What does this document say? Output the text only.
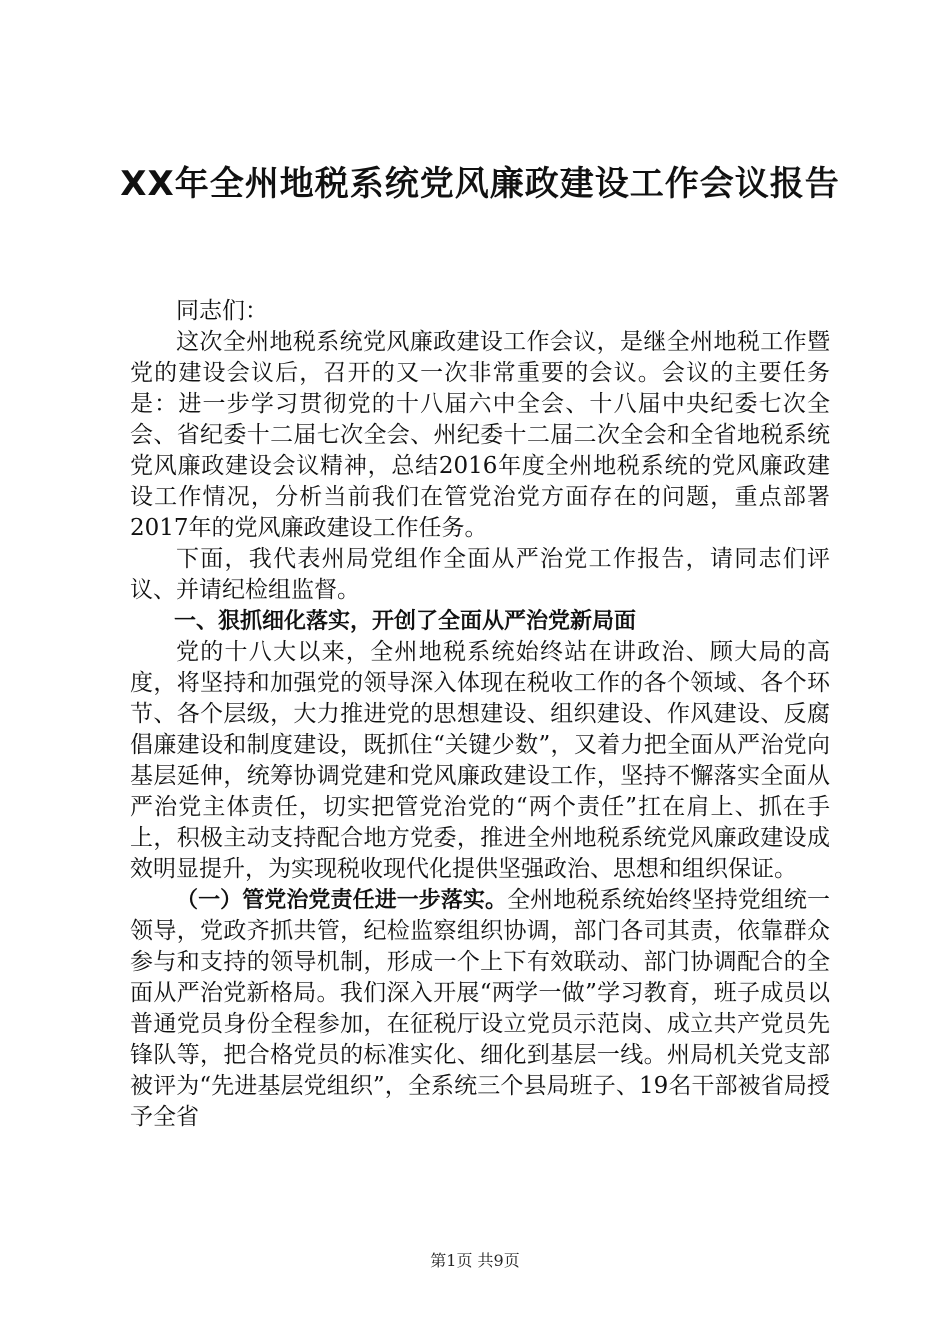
XX年全州地税系统党风廉政建设工作会议报告

同志们：

这次全州地税系统党风廉政建设工作会议，是继全州地税工作暨党的建设会议后，召开的又一次非常重要的会议。会议的主要任务是：进一步学习贯彻党的十八届六中全会、十八届中央纪委七次全会、省纪委十二届七次全会、州纪委十二届二次全会和全省地税系统党风廉政建设会议精神，总结2016年度全州地税系统的党风廉政建设工作情况，分析当前我们在管党治党方面存在的问题，重点部署2017年的党风廉政建设工作任务。

下面，我代表州局党组作全面从严治党工作报告，请同志们评议、并请纪检组监督。

一、狠抓细化落实，开创了全面从严治党新局面

党的十八大以来，全州地税系统始终站在讲政治、顾大局的高度，将坚持和加强党的领导深入体现在税收工作的各个领域、各个环节、各个层级，大力推进党的思想建设、组织建设、作风建设、反腐倡廉建设和制度建设，既抓住“关键少数”，又着力把全面从严治党向基层延伸，统筹协调党建和党风廉政建设工作，坚持不懈落实全面从严治党主体责任，切实把管党治党的“两个责任”扛在肩上、抓在手上，积极主动支持配合地方党委，推进全州地税系统党风廉政建设成效明显提升，为实现税收现代化提供坚强政治、思想和组织保证。

（一）管党治党责任进一步落实。全州地税系统始终坚持党组统一领导，党政齐抓共管，纪检监察组织协调，部门各司其责，依靠群众参与和支持的领导机制，形成一个上下有效联动、部门协调配合的全面从严治党新格局。我们深入开展“两学一做”学习教育，班子成员以普通党员身份全程参加，在征税厅设立党员示范岗、成立共产党员先锋队等，把合格党员的标准实化、细化到基层一线。州局机关党支部被评为“先进基层党组织”，全系统三个县局班子、19名干部被省局授予全省

第1页 共9页
